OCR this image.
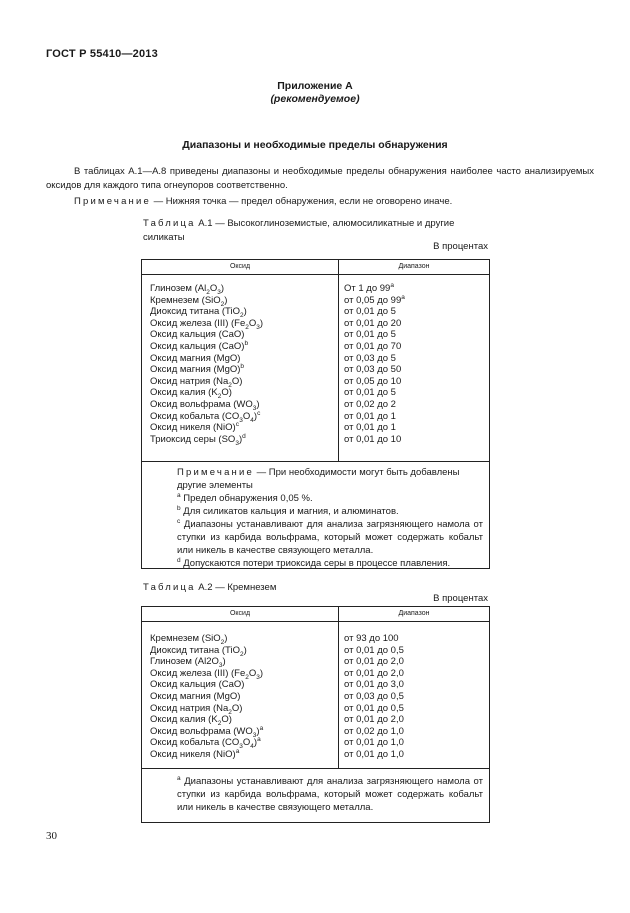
ГОСТ Р 55410—2013
Приложение А
(рекомендуемое)
Диапазоны и необходимые пределы обнаружения
В таблицах А.1—А.8 приведены диапазоны и необходимые пределы обнаружения наиболее часто анализируемых оксидов для каждого типа огнеупоров соответственно.
Примечание — Нижняя точка — предел обнаружения, если не оговорено иначе.
Таблица А.1 — Высокоглиноземистые, алюмосиликатные и другие силикаты
В процентах
Оксид	Диапазон
Глинозем $(Al_2O_3)$	От 1 до 99$^a$
Кремнезем (SiO$_2$)	от 0,05 до 99$^a$
Диоксид титана (TiO$_2$)	от 0,01 до 5
Оксид железа (III) $(Fe_2O_3)$	от 0,01 до 20
Оксид кальция (CaO)	от 0,01 до 5
Оксид кальция (CaO)$^b$	от 0,01 до 70
Оксид магния (MgO)	от 0,03 до 5
Оксид магния (MgO)$^b$	от 0,03 до 50
Оксид натрия $(Na_2O)$	от 0,05 до 10
Оксид калия $(K_2O)$	от 0,01 до 5
Оксид вольфрама $(WO_3)$	от 0,02 до 2
Оксид кобальта $(CO_3O_4)^c$	от 0,01 до 1
Оксид никеля (NiO)$^c$	от 0,01 до 1
Триоксид серы $(SO_3)^d$	от 0,01 до 10

Примечание — При необходимости могут быть добавлены другие элементы

$^a$ Предел обнаружения 0,05 %.

$^b$ Для силикатов кальция и магния, и алюминатов.

$^c$ Диапазоны устанавливают для анализа загрязняющего намола от ступки из карбида вольфрама, который может содержать кобальт или никель в качестве связующего металла.

$^d$ Допускаются потери триоксида серы в процессе плавления.

Таблица А.2 — Кремнезем
В процентах
Оксид	Диапазон
Кремнезем (SiO$_2$)	от 93 до 100
Диоксид титана (TiO$_2$)	от 0,01 до 0,5
Глинозем $(Al2O_3)$	от 0,01 до 2,0
Оксид железа (III) $(Fe_2O_3)$	от 0,01 до 2,0
Оксид кальция (CaO)	от 0,01 до 3,0
Оксид магния (MgO)	от 0,03 до 0,5
Оксид натрия $(Na_2O)$	от 0,01 до 0,5
Оксид калия $(K_2O)$	от 0,01 до 2,0
Оксид вольфрама $(WO_3)^a$	от 0,02 до 1,0
Оксид кобальта $(CO_3O_4)^a$	от 0,01 до 1,0
Оксид никеля (NiO)$^a$	от 0,01 до 1,0

$^a$ Диапазоны устанавливают для анализа загрязняющего намола от ступки из карбида вольфрама, который может содержать кобальт или никель в качестве связующего металла.

30
